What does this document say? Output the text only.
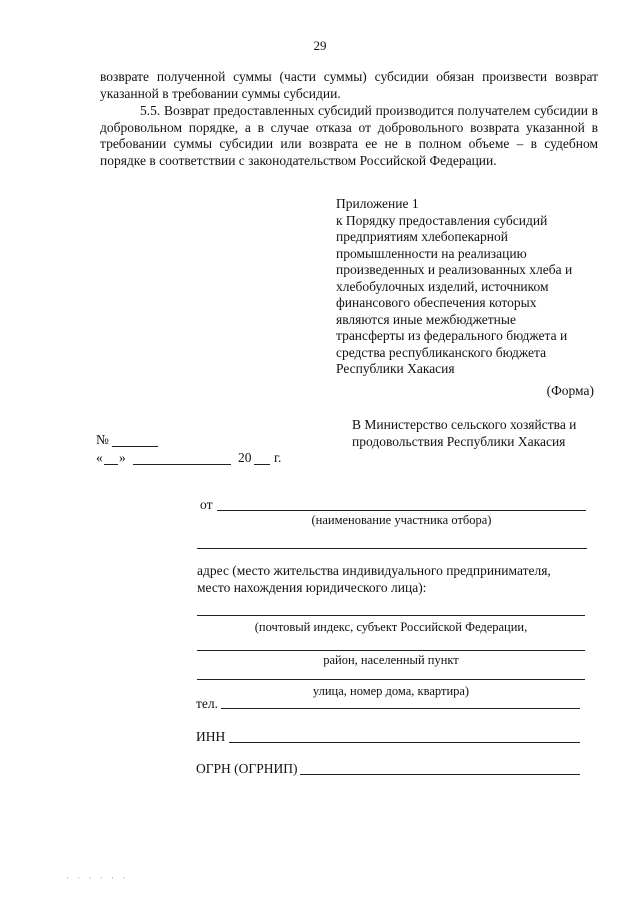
29

возврате полученной суммы (части суммы) субсидии обязан произвести возврат указанной в требовании суммы субсидии.

5.5. Возврат предоставленных субсидий производится получателем субсидии в добровольном порядке, а в случае отказа от добровольного возврата указанной в требовании суммы субсидии или возврата ее не в полном объеме – в судебном порядке в соответствии с законодательством Российской Федерации.

Приложение 1
к Порядку предоставления субсидий
предприятиям хлебопекарной
промышленности на реализацию
произведенных и реализованных хлеба и
хлебобулочных изделий, источником
финансового обеспечения которых
являются иные межбюджетные
трансферты из федерального бюджета и
средства республиканского бюджета
Республики Хакасия
(Форма)
В Министерство сельского хозяйства и
продовольствия Республики Хакасия
№
« »	20 г.
от
(наименование участника отбора)
адрес (место жительства индивидуального предпринимателя,
место нахождения юридического лица):
(почтовый индекс, субъект Российской Федерации,
район, населенный пункт
улица, номер дома, квартира)
тел.
ИНН
ОГРН (ОГРНИП)
· · · · · ·
